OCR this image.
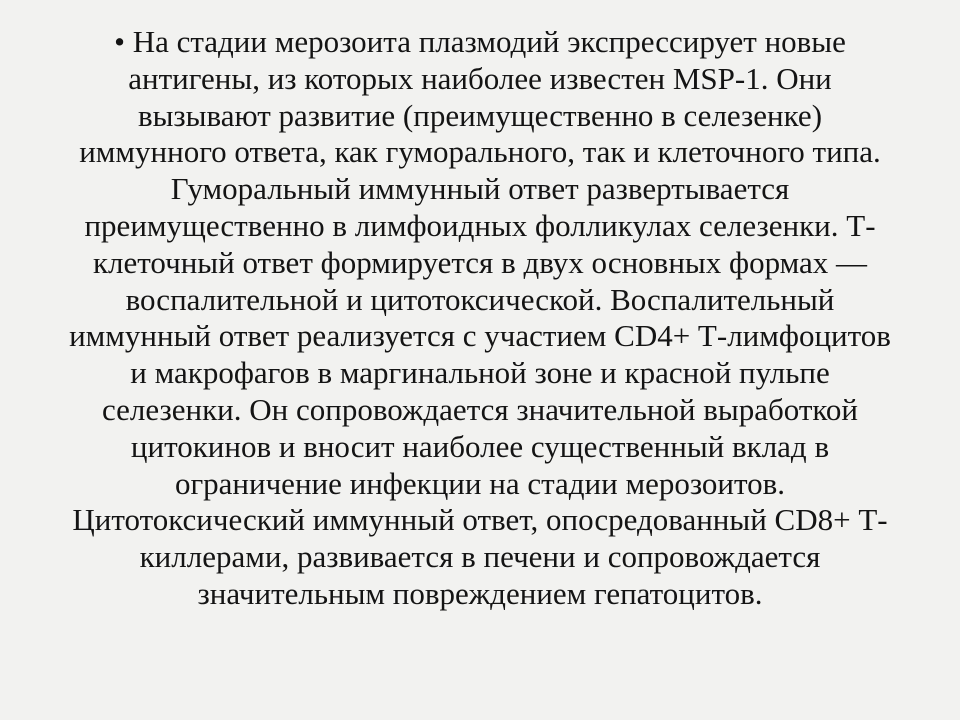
• На стадии мерозоита плазмодий экспрессирует новые
антигены, из которых наиболее известен MSP-1. Они
вызывают развитие (преимущественно в селезенке)
иммунного ответа, как гуморального, так и клеточного типа.
Гуморальный иммунный ответ развертывается
преимущественно в лимфоидных фолликулах селезенки. Т-
клеточный ответ формируется в двух основных формах —
воспалительной и цитотоксической. Воспалительный
иммунный ответ реализуется с участием CD4+ Т-лимфоцитов
и макрофагов в маргинальной зоне и красной пульпе
селезенки. Он сопровождается значительной выработкой
цитокинов и вносит наиболее существенный вклад в
ограничение инфекции на стадии мерозоитов.
Цитотоксический иммунный ответ, опосредованный CD8+ Т-
киллерами, развивается в печени и сопровождается
значительным повреждением гепатоцитов.
